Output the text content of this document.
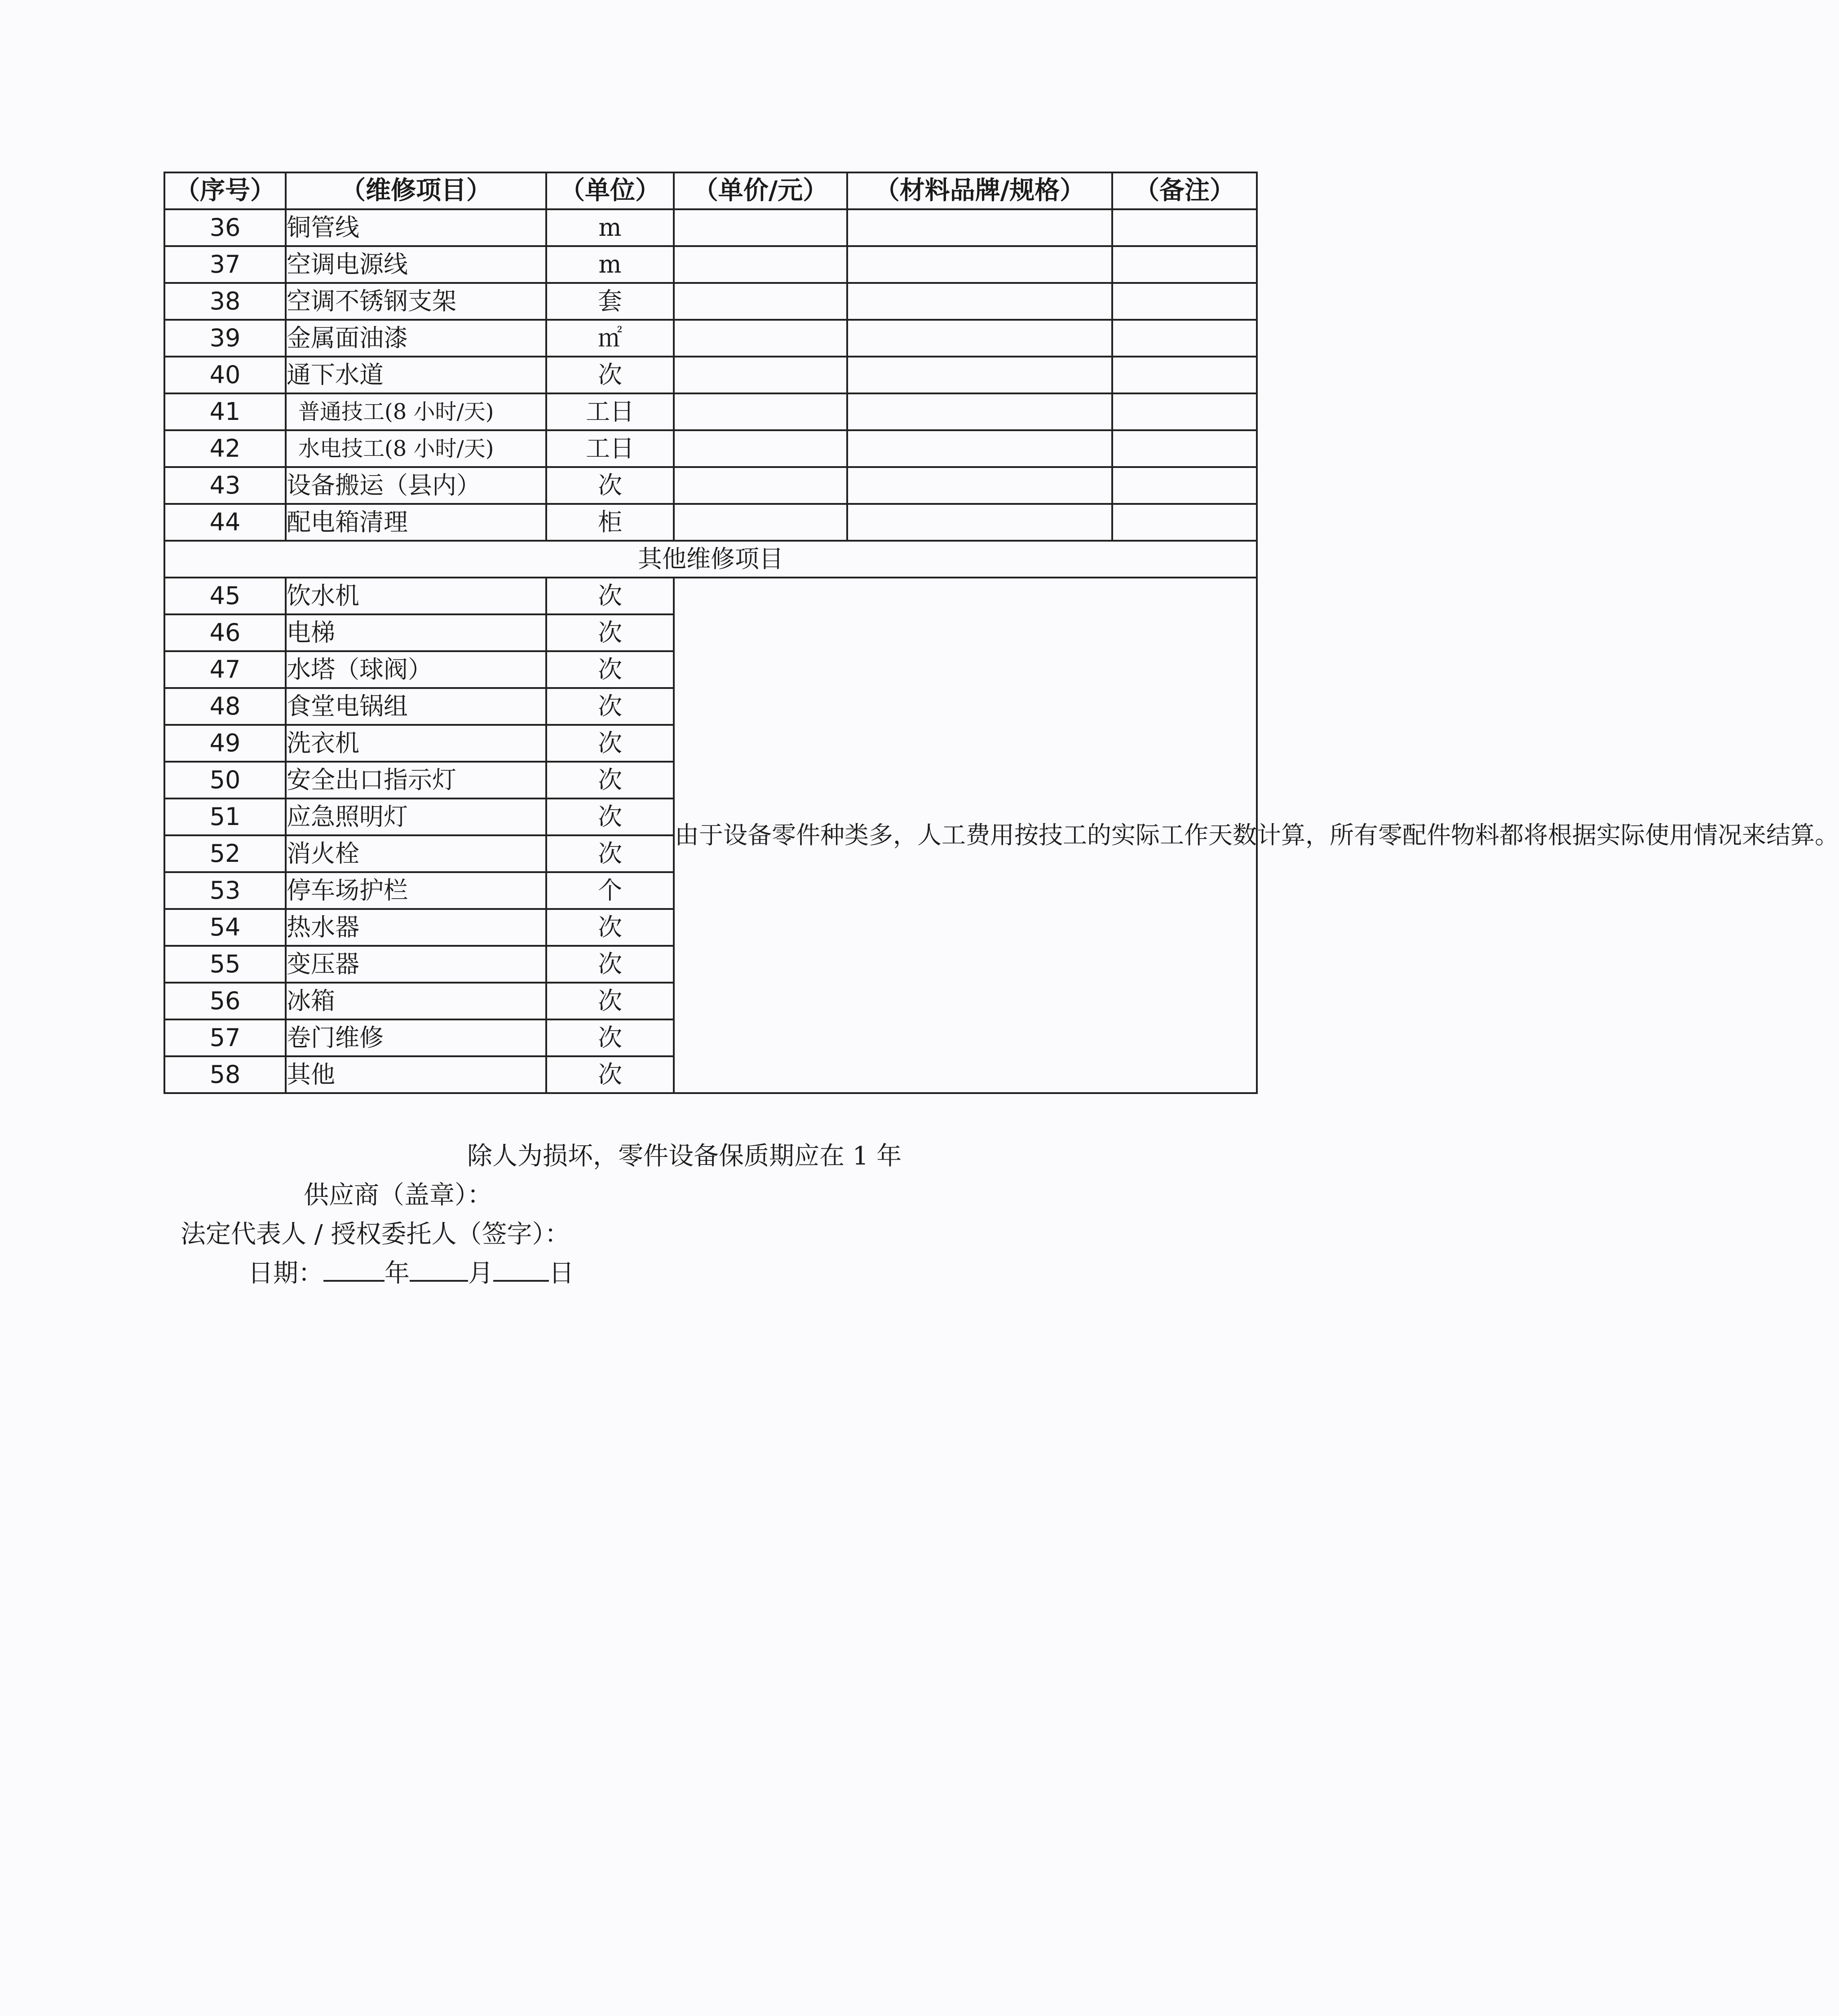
（序号）	（维修项目）	（单位）	（单价/元）	（材料品牌/规格）	（备注）
36	铜管线	m			
37	空调电源线	m			
38	空调不锈钢支架	套			
39	金属面油漆	㎡			
40	通下水道	次			
41	普通技工(8 小时/天)	工日			
42	水电技工(8 小时/天)	工日			
43	设备搬运（县内）	次			
44	配电箱清理	柜			
其他维修项目					
45	饮水机	次	由于设备零件种类多，人工费用按技工的实际工作天数计算，所有零配件物料都将根据实际使用情况来结算。		
46	电梯	次			
47	水塔（球阀）	次			
48	食堂电锅组	次			
49	洗衣机	次			
50	安全出口指示灯	次			
51	应急照明灯	次			
52	消火栓	次			
53	停车场护栏	个			
54	热水器	次			
55	变压器	次			
56	冰箱	次			
57	卷门维修	次			
58	其他	次			
除人为损坏，零件设备保质期应在 1 年
供应商（盖章）：
法定代表人 / 授权委托人（签字）：
日期： 年 月 日
